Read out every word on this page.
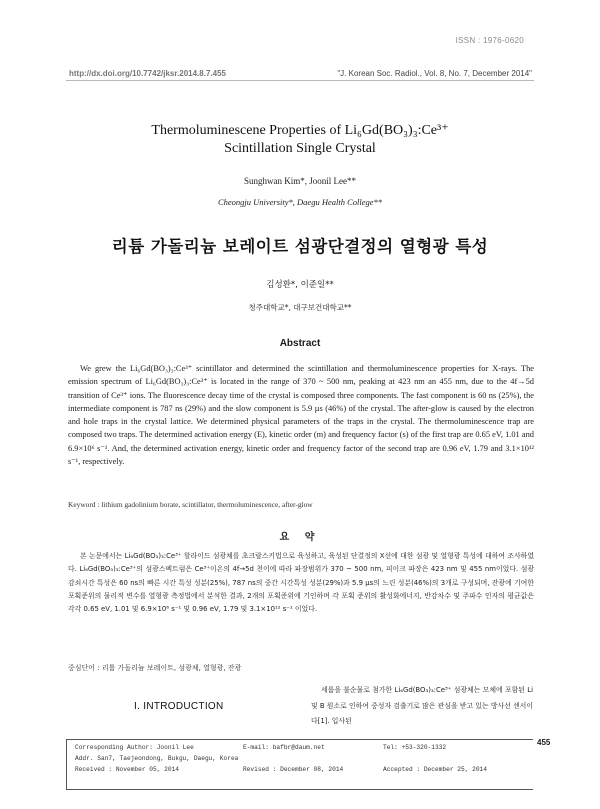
ISSN : 1976-0620
http://dx.doi.org/10.7742/jksr.2014.8.7.455	"J. Korean Soc. Radiol., Vol. 8, No. 7, December 2014"
Thermoluminescene Properties of Li₆Gd(BO₃)₃:Ce³⁺
Scintillation Single Crystal
Sunghwan Kim*, Joonil Lee**
Cheongju University*, Daegu Health College**
리튬 가돌리늄 보레이트 섬광단결정의 열형광 특성
김성환*, 이준일**
청주대학교*, 대구보건대학교**
Abstract
We grew the Li₆Gd(BO₃)₃:Ce³⁺ scintillator and determined the scintillation and thermoluminescence properties for X-rays. The emission spectrum of Li₆Gd(BO₃)₃:Ce³⁺ is located in the range of 370 ~ 500 nm, peaking at 423 nm an 455 nm, due to the 4f→5d transition of Ce³⁺ ions. The fluorescence decay time of the crystal is composed three components. The fast component is 60 ns (25%), the intermediate component is 787 ns (29%) and the slow component is 5.9 µs (46%) of the crystal. The after-glow is caused by the electron and hole traps in the crystal lattice. We determined physical parameters of the traps in the crystal. The thermoluminescence trap are composed two traps. The determined activation energy (E), kinetic order (m) and frequency factor (s) of the first trap are 0.65 eV, 1.01 and 6.9×10⁶ s⁻¹. And, the determined activation energy, kinetic order and frequency factor of the second trap are 0.96 eV, 1.79 and 3.1×10¹² s⁻¹, respectively.
Keyword : lithium gadolinium borate, scintillator, thermoluminescence, after-glow
요 약
본 논문에서는 Li₆Gd(BO₃)₃:Ce³⁺ 할라이드 섬광체를 초크랄스키법으로 육성하고, 육성된 단결정의 X선에 대한 섬광 및 열형광 특성에 대하여 조사하였다. Li₆Gd(BO₃)₃:Ce³⁺의 섬광스펙트럼은 Ce³⁺이온의 4f→5d 천이에 따라 파장범위가 370 ~ 500 nm, 피이크 파장은 423 nm 및 455 nm이었다. 섬광감쇠시간 특성은 60 ns의 빠른 시간 특성 성분(25%), 787 ns의 중간 시간특성 성분(29%)과 5.9 µs의 느린 성분(46%)의 3개로 구성되며, 잔광에 기여한 포획준위의 물리적 변수를 열형광 측정법에서 분석한 결과, 2개의 포획준위에 기인하며 각 포획 준위의 활성화에너지, 반감차수 및 주파수 인자의 평균값은 각각 0.65 eV, 1.01 및 6.9×10⁶ s⁻¹ 및 0.96 eV, 1.79 및 3.1×10¹² s⁻¹ 이었다.
중심단어 : 리튬 가돌리늄 보레이트, 섬광체, 열형광, 잔광
I. INTRODUCTION
세륨을 불순물로 첨가한 Li₆Gd(BO₃)₃:Ce³⁺ 섬광체는 모체에 포함된 Li 및 B 원소로 인하여 중성자 검출기로 많은 관심을 받고 있는 방사선 센서이다[1]. 입사된
Corresponding Author: Joonil Lee	E-mail: bafbr@daum.net	Tel: +53-320-1332
Addr. San7, Taejeondong, Bukgu, Daegu, Korea
Received : November 05, 2014	Revised : December 08, 2014	Accepted : December 25, 2014
455
